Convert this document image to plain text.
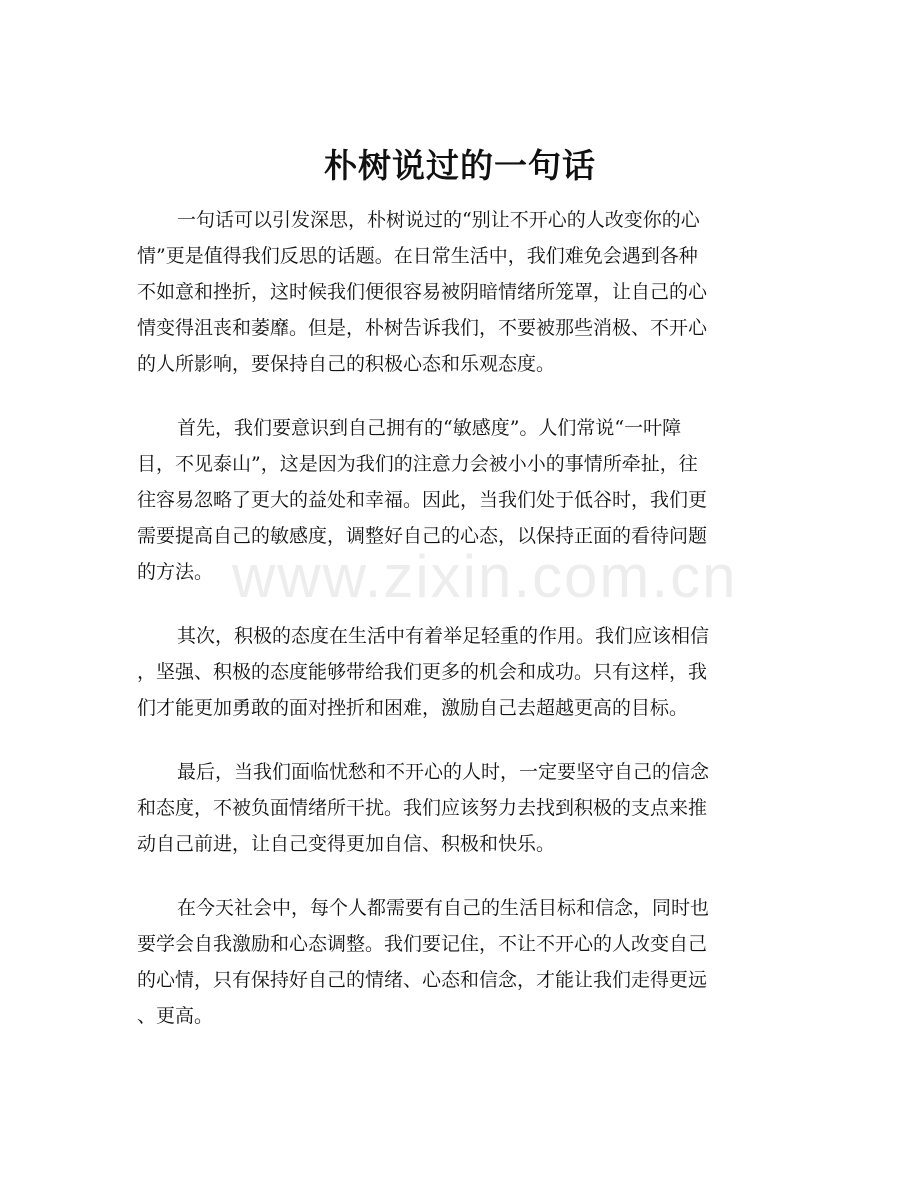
朴树说过的一句话

一句话可以引发深思，朴树说过的“别让不开心的人改变你的心
情”更是值得我们反思的话题。在日常生活中，我们难免会遇到各种
不如意和挫折，这时候我们便很容易被阴暗情绪所笼罩，让自己的心
情变得沮丧和萎靡。但是，朴树告诉我们，不要被那些消极、不开心
的人所影响，要保持自己的积极心态和乐观态度。

首先，我们要意识到自己拥有的“敏感度”。人们常说“一叶障
目，不见泰山”，这是因为我们的注意力会被小小的事情所牵扯，往
往容易忽略了更大的益处和幸福。因此，当我们处于低谷时，我们更
需要提高自己的敏感度，调整好自己的心态，以保持正面的看待问题
的方法。

其次，积极的态度在生活中有着举足轻重的作用。我们应该相信
，坚强、积极的态度能够带给我们更多的机会和成功。只有这样，我
们才能更加勇敢的面对挫折和困难，激励自己去超越更高的目标。

最后，当我们面临忧愁和不开心的人时，一定要坚守自己的信念
和态度，不被负面情绪所干扰。我们应该努力去找到积极的支点来推
动自己前进，让自己变得更加自信、积极和快乐。

在今天社会中，每个人都需要有自己的生活目标和信念，同时也
要学会自我激励和心态调整。我们要记住，不让不开心的人改变自己
的心情，只有保持好自己的情绪、心态和信念，才能让我们走得更远
、更高。

www.zixin.com.cn
